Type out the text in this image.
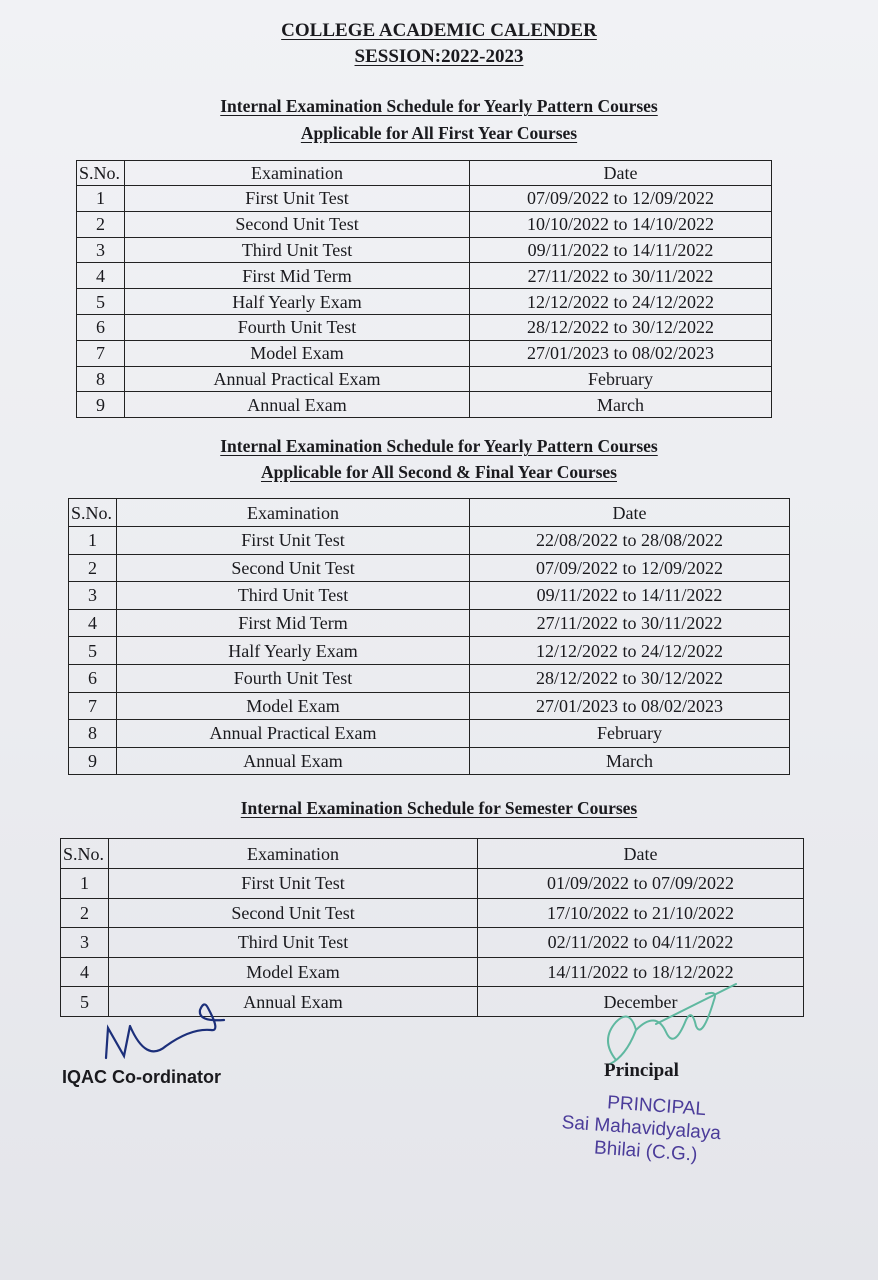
COLLEGE ACADEMIC CALENDER
SESSION:2022-2023
Internal Examination Schedule for Yearly Pattern Courses
Applicable for All First Year Courses
S.No.	Examination	Date
1	First Unit Test	07/09/2022 to 12/09/2022
2	Second Unit Test	10/10/2022 to 14/10/2022
3	Third Unit Test	09/11/2022 to 14/11/2022
4	First Mid Term	27/11/2022 to 30/11/2022
5	Half Yearly Exam	12/12/2022 to 24/12/2022
6	Fourth Unit Test	28/12/2022 to 30/12/2022
7	Model Exam	27/01/2023 to 08/02/2023
8	Annual Practical Exam	February
9	Annual Exam	March
Internal Examination Schedule for Yearly Pattern Courses
Applicable for All Second & Final Year Courses
S.No.	Examination	Date
1	First Unit Test	22/08/2022 to 28/08/2022
2	Second Unit Test	07/09/2022 to 12/09/2022
3	Third Unit Test	09/11/2022 to 14/11/2022
4	First Mid Term	27/11/2022 to 30/11/2022
5	Half Yearly Exam	12/12/2022 to 24/12/2022
6	Fourth Unit Test	28/12/2022 to 30/12/2022
7	Model Exam	27/01/2023 to 08/02/2023
8	Annual Practical Exam	February
9	Annual Exam	March
Internal Examination Schedule for Semester Courses
S.No.	Examination	Date
1	First Unit Test	01/09/2022 to 07/09/2022
2	Second Unit Test	17/10/2022 to 21/10/2022
3	Third Unit Test	02/11/2022 to 04/11/2022
4	Model Exam	14/11/2022 to 18/12/2022
5	Annual Exam	December
IQAC Co-ordinator	Principal
PRINCIPAL
Sai Mahavidyalaya
Bhilai (C.G.)
